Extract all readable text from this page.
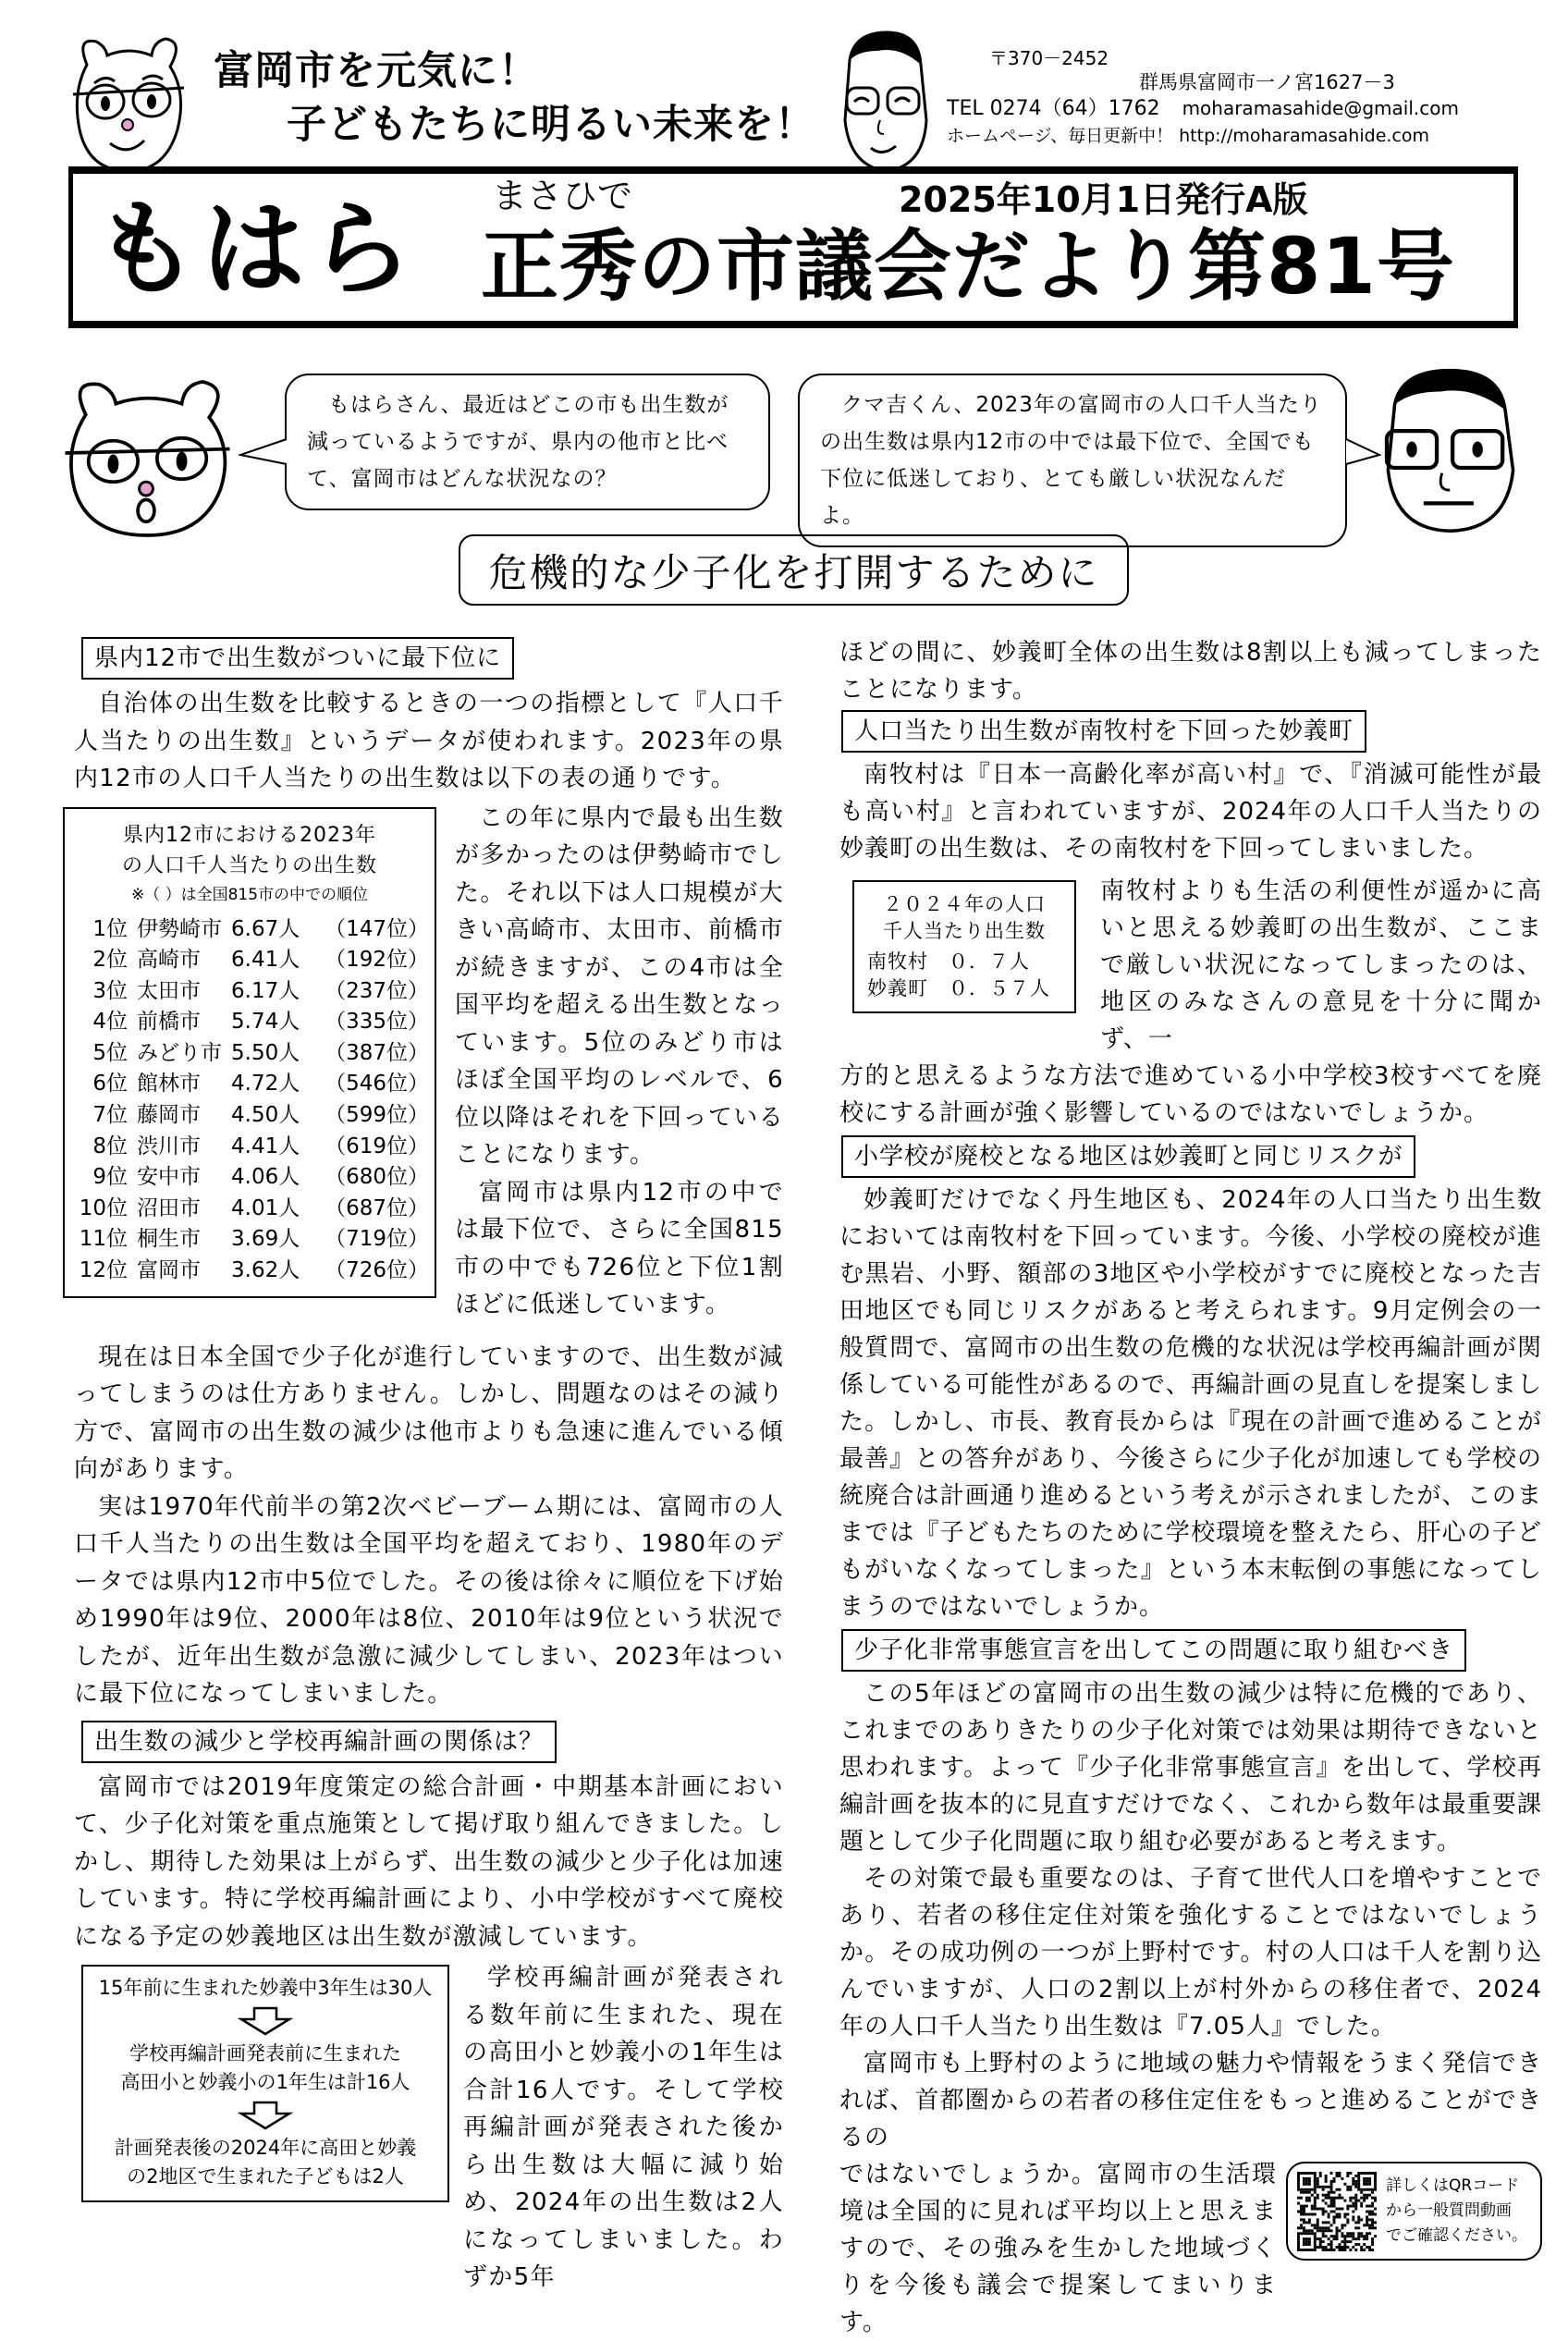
富岡市を元気に！
子どもたちに明るい未来を！
〒370－2452
群馬県富岡市一ノ宮1627－3
TEL 0274（64）1762 moharamasahide@gmail.com
ホームページ、毎日更新中！ http://moharamasahide.com
もはら まさひで
正秀の市議会だより第81号
2025年10月1日発行A版
もはらさん、最近はどこの市も出生数が減っているようですが、県内の他市と比べて、富岡市はどんな状況なの？
クマ吉くん、2023年の富岡市の人口千人当たりの出生数は県内12市の中では最下位で、全国でも下位に低迷しており、とても厳しい状況なんだよ。
危機的な少子化を打開するために
県内12市で出生数がついに最下位に

自治体の出生数を比較するときの一つの指標として『人口千人当たりの出生数』というデータが使われます。2023年の県内12市の人口千人当たりの出生数は以下の表の通りです。

県内12市における2023年
の人口千人当たりの出生数
※（ ）は全国815市の中での順位
1位 伊勢崎市 6.67人	（147位）
2位 高崎市	6.41人	（192位）
3位 太田市	6.17人	（237位）
4位 前橋市	5.74人	（335位）
5位 みどり市 5.50人	（387位）
6位 館林市	4.72人	（546位）
7位 藤岡市	4.50人	（599位）
8位 渋川市	4.41人	（619位）
9位 安中市	4.06人	（680位）
10位 沼田市	4.01人	（687位）
11位 桐生市	3.69人	（719位）
12位 富岡市	3.62人	（726位）

この年に県内で最も出生数が多かったのは伊勢崎市でした。それ以下は人口規模が大きい高崎市、太田市、前橋市が続きますが、この4市は全国平均を超える出生数となっています。5位のみどり市はほぼ全国平均のレベルで、6位以降はそれを下回っていることになります。

富岡市は県内12市の中では最下位で、さらに全国815市の中でも726位と下位1割ほどに低迷しています。

現在は日本全国で少子化が進行していますので、出生数が減ってしまうのは仕方ありません。しかし、問題なのはその減り方で、富岡市の出生数の減少は他市よりも急速に進んでいる傾向があります。

実は1970年代前半の第2次ベビーブーム期には、富岡市の人口千人当たりの出生数は全国平均を超えており、1980年のデータでは県内12市中5位でした。その後は徐々に順位を下げ始め1990年は9位、2000年は8位、2010年は9位という状況でしたが、近年出生数が急激に減少してしまい、2023年はついに最下位になってしまいました。

出生数の減少と学校再編計画の関係は？

富岡市では2019年度策定の総合計画・中期基本計画において、少子化対策を重点施策として掲げ取り組んできました。しかし、期待した効果は上がらず、出生数の減少と少子化は加速しています。特に学校再編計画により、小中学校がすべて廃校になる予定の妙義地区は出生数が激減しています。

15年前に生まれた妙義中3年生は30人
学校再編計画発表前に生まれた
高田小と妙義小の1年生は計16人
計画発表後の2024年に高田と妙義
の2地区で生まれた子どもは2人

学校再編計画が発表される数年前に生まれた、現在の高田小と妙義小の1年生は合計16人です。そして学校再編計画が発表された後から出生数は大幅に減り始め、2024年の出生数は2人になってしまいました。わずか5年

ほどの間に、妙義町全体の出生数は8割以上も減ってしまったことになります。
人口当たり出生数が南牧村を下回った妙義町

南牧村は『日本一高齢化率が高い村』で、『消滅可能性が最も高い村』と言われていますが、2024年の人口千人当たりの妙義町の出生数は、その南牧村を下回ってしまいました。

２０２４年の人口
千人当たり出生数
南牧村 ０．７人
妙義町 ０．５７人
南牧村よりも生活の利便性が遥かに高いと思える妙義町の出生数が、ここまで厳しい状況になってしまったのは、地区のみなさんの意見を十分に聞かず、一
方的と思えるような方法で進めている小中学校3校すべてを廃校にする計画が強く影響しているのではないでしょうか。
小学校が廃校となる地区は妙義町と同じリスクが

妙義町だけでなく丹生地区も、2024年の人口当たり出生数においては南牧村を下回っています。今後、小学校の廃校が進む黒岩、小野、額部の3地区や小学校がすでに廃校となった吉田地区でも同じリスクがあると考えられます。9月定例会の一般質問で、富岡市の出生数の危機的な状況は学校再編計画が関係している可能性があるので、再編計画の見直しを提案しました。しかし、市長、教育長からは『現在の計画で進めることが最善』との答弁があり、今後さらに少子化が加速しても学校の統廃合は計画通り進めるという考えが示されましたが、このままでは『子どもたちのために学校環境を整えたら、肝心の子どもがいなくなってしまった』という本末転倒の事態になってしまうのではないでしょうか。

少子化非常事態宣言を出してこの問題に取り組むべき

この5年ほどの富岡市の出生数の減少は特に危機的であり、これまでのありきたりの少子化対策では効果は期待できないと思われます。よって『少子化非常事態宣言』を出して、学校再編計画を抜本的に見直すだけでなく、これから数年は最重要課題として少子化問題に取り組む必要があると考えます。

その対策で最も重要なのは、子育て世代人口を増やすことであり、若者の移住定住対策を強化することではないでしょうか。その成功例の一つが上野村です。村の人口は千人を割り込んでいますが、人口の2割以上が村外からの移住者で、2024年の人口千人当たり出生数は『7.05人』でした。

富岡市も上野村のように地域の魅力や情報をうまく発信できれば、首都圏からの若者の移住定住をもっと進めることができるの

ではないでしょうか。富岡市の生活環境は全国的に見れば平均以上と思えますので、その強みを生かした地域づくりを今後も議会で提案してまいります。
詳しくはQRコード
から一般質問動画
でご確認ください。
